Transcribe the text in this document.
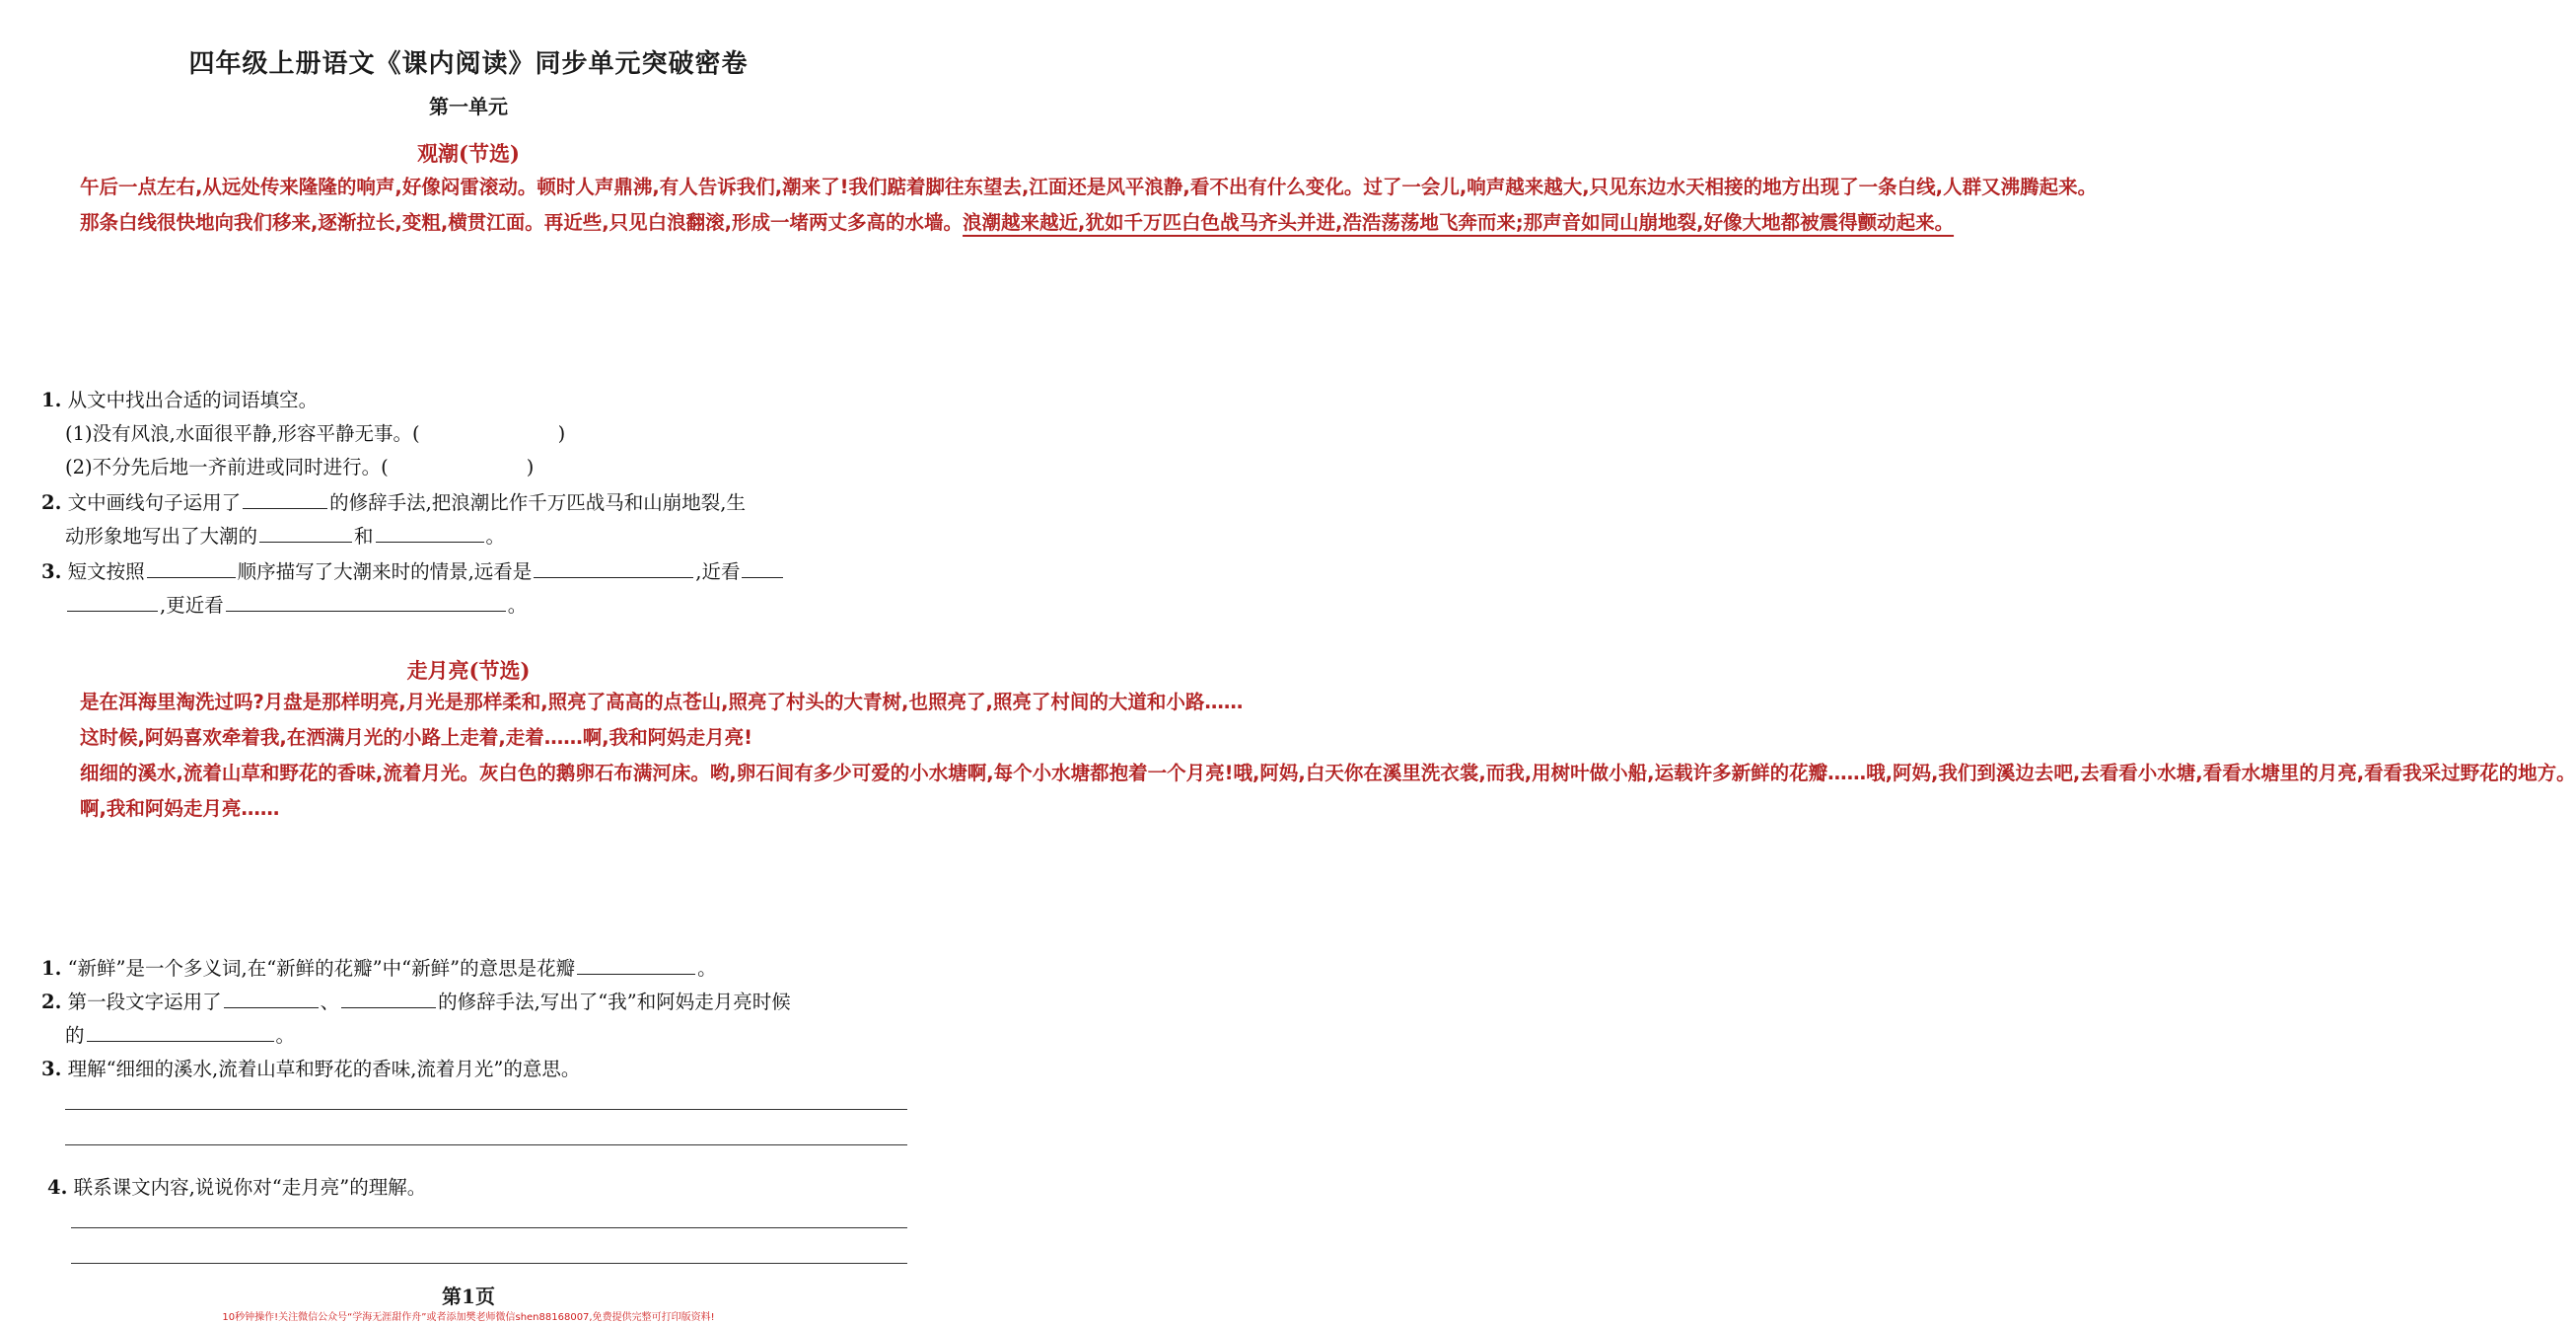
四年级上册语文《课内阅读》同步单元突破密卷
第一单元
观潮(节选)

午后一点左右,从远处传来隆隆的响声,好像闷雷滚动。顿时人声鼎沸,有人告诉我们,潮来了!我们踮着脚往东望去,江面还是风平浪静,看不出有什么变化。过了一会儿,响声越来越大,只见东边水天相接的地方出现了一条白线,人群又沸腾起来。

那条白线很快地向我们移来,逐渐拉长,变粗,横贯江面。再近些,只见白浪翻滚,形成一堵两丈多高的水墙。浪潮越来越近,犹如千万匹白色战马齐头并进,浩浩荡荡地飞奔而来;那声音如同山崩地裂,好像大地都被震得颤动起来。

1. 从文中找出合适的词语填空。
(1)没有风浪,水面很平静,形容平静无事。(	)
(2)不分先后地一齐前进或同时进行。(	)
2. 文中画线句子运用了	的修辞手法,把浪潮比作千万匹战马和山崩地裂,生
动形象地写出了大潮的	和	。
3. 短文按照	顺序描写了大潮来时的情景,远看是	,近看
,更近看	。
走月亮(节选)

是在洱海里淘洗过吗?月盘是那样明亮,月光是那样柔和,照亮了高高的点苍山,照亮了村头的大青树,也照亮了,照亮了村间的大道和小路……

这时候,阿妈喜欢牵着我,在洒满月光的小路上走着,走着……啊,我和阿妈走月亮!

细细的溪水,流着山草和野花的香味,流着月光。灰白色的鹅卵石布满河床。哟,卵石间有多少可爱的小水塘啊,每个小水塘都抱着一个月亮!哦,阿妈,白天你在溪里洗衣裳,而我,用树叶做小船,运载许多新鲜的花瓣……哦,阿妈,我们到溪边去吧,去看看小水塘,看看水塘里的月亮,看看我采过野花的地方。

啊,我和阿妈走月亮……

1. “新鲜”是一个多义词,在“新鲜的花瓣”中“新鲜”的意思是花瓣	。
2. 第一段文字运用了	、	的修辞手法,写出了“我”和阿妈走月亮时候
的	。
3. 理解“细细的溪水,流着山草和野花的香味,流着月光”的意思。
4. 联系课文内容,说说你对“走月亮”的理解。
第1页
10秒钟操作!关注微信公众号“学海无涯甜作舟”或者添加樊老师微信shen88168007,免费提供完整可打印版资料!
